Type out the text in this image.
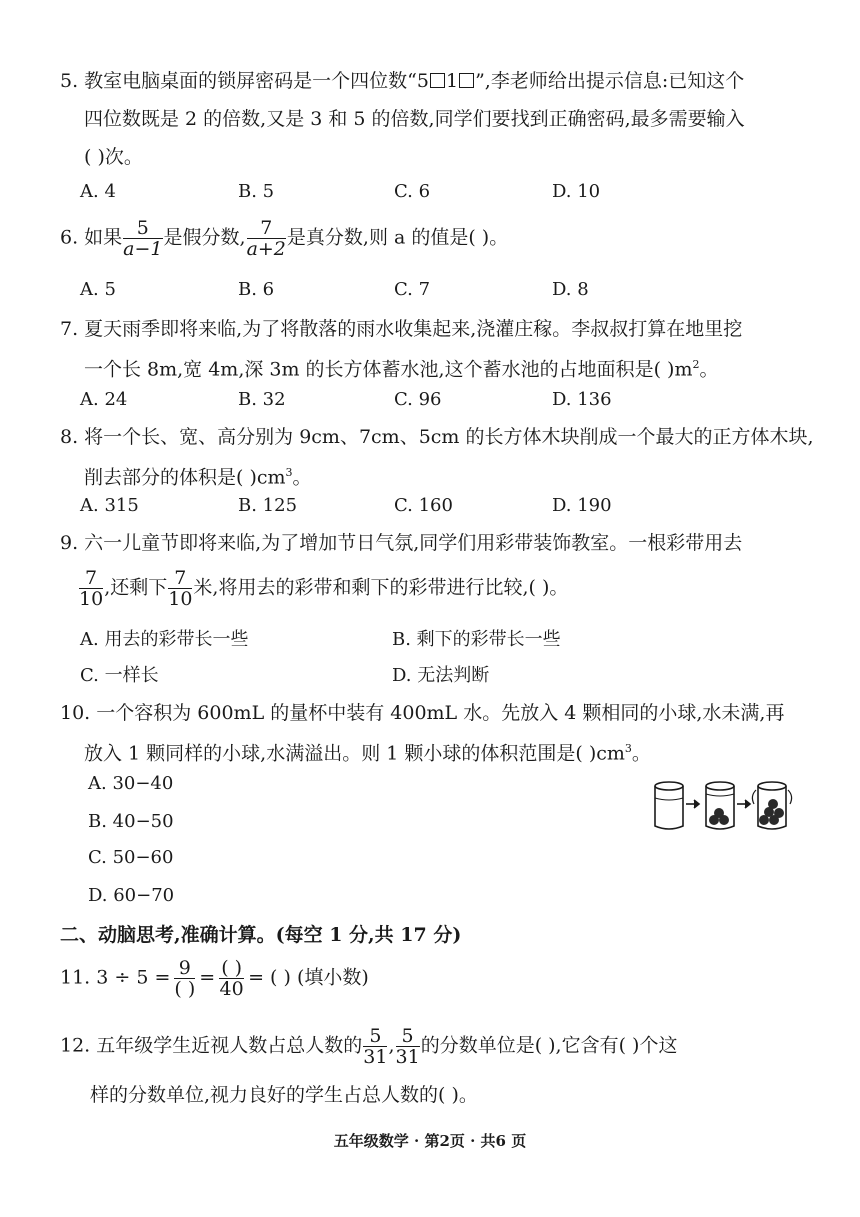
5. 教室电脑桌面的锁屏密码是一个四位数“5 1 ”,李老师给出提示信息:已知这个
四位数既是 2 的倍数,又是 3 和 5 的倍数,同学们要找到正确密码,最多需要输入
( )次。
A. 4	B. 5	C. 6	D. 10
6. 如果 $\frac{5}{a-1}$ 是假分数, $\frac{7}{a+2}$ 是真分数,则 a 的值是( )。
A. 5	B. 6	C. 7	D. 8
7. 夏天雨季即将来临,为了将散落的雨水收集起来,浇灌庄稼。李叔叔打算在地里挖
一个长 8m,宽 4m,深 3m 的长方体蓄水池,这个蓄水池的占地面积是( )$m^2$。
A. 24	B. 32	C. 96	D. 136
8. 将一个长、宽、高分别为 9cm、7cm、5cm 的长方体木块削成一个最大的正方体木块,
削去部分的体积是( )$cm^3$。
A. 315	B. 125	C. 160	D. 190
9. 六一儿童节即将来临,为了增加节日气氛,同学们用彩带装饰教室。一根彩带用去
$\frac{7}{10}$ ,还剩下 $\frac{7}{10}$ 米,将用去的彩带和剩下的彩带进行比较,( )。
A. 用去的彩带长一些	B. 剩下的彩带长一些
C. 一样长	D. 无法判断
10. 一个容积为 600mL 的量杯中装有 400mL 水。先放入 4 颗相同的小球,水未满,再
放入 1 颗同样的小球,水满溢出。则 1 颗小球的体积范围是( )$cm^3$。
A. 30−40
B. 40−50
C. 50−60
D. 60−70
二、动脑思考,准确计算。(每空 1 分,共 17 分)
11. $3 \div 5 = \frac{9}{( )} = \frac{( )}{40}$ = ( ) (填小数)
12. 五年级学生近视人数占总人数的 $\frac{5}{31}$ , $\frac{5}{31}$ 的分数单位是( ),它含有( )个这
样的分数单位,视力良好的学生占总人数的( )。
五年级数学 · 第2页 · 共6 页
